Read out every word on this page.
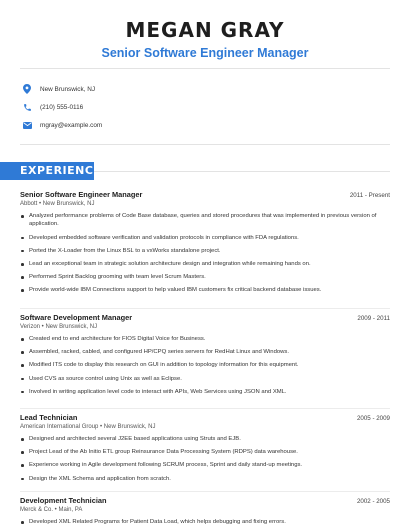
MEGAN GRAY
Senior Software Engineer Manager
New Brunswick, NJ
(210) 555-0116
mgray@example.com
EXPERIENCE
Senior Software Engineer Manager	2011 - Present
Abbott • New Brunswick, NJ
Analyzed performance problems of Code Base database, queries and stored procedures that was implemented in previous version of application.
Developed embedded software verification and validation protocols in compliance with FDA regulations.
Ported the X-Loader from the Linux BSL to a vxWorks standalone project.
Lead an exceptional team in strategic solution architecture design and integration while remaining hands on.
Performed Sprint Backlog grooming with team level Scrum Masters.
Provide world-wide IBM Connections support to help valued IBM customers fix critical backend database issues.
Software Development Manager	2009 - 2011
Verizon • New Brunswick, NJ
Created end to end architecture for FIOS Digital Voice for Business.
Assembled, racked, cabled, and configured HP/CPQ series servers for RedHat Linux and Windows.
Modified ITS code to display this research on GUI in addition to topology information for this equipment.
Used CVS as source control using Unix as well as Eclipse.
Involved in writing application level code to interact with APIs, Web Services using JSON and XML.
Lead Technician	2005 - 2009
American International Group • New Brunswick, NJ
Designed and architected several J2EE based applications using Struts and EJB.
Project Lead of the Ab Initio ETL group Reinsurance Data Processing System (RDPS) data warehouse.
Experience working in Agile development following SCRUM process, Sprint and daily stand-up meetings.
Design the XML Schema and application from scratch.
Development Technician	2002 - 2005
Merck & Co. • Main, PA
Developed XML Related Programs for Patient Data Load, which helps debugging and fixing errors.
